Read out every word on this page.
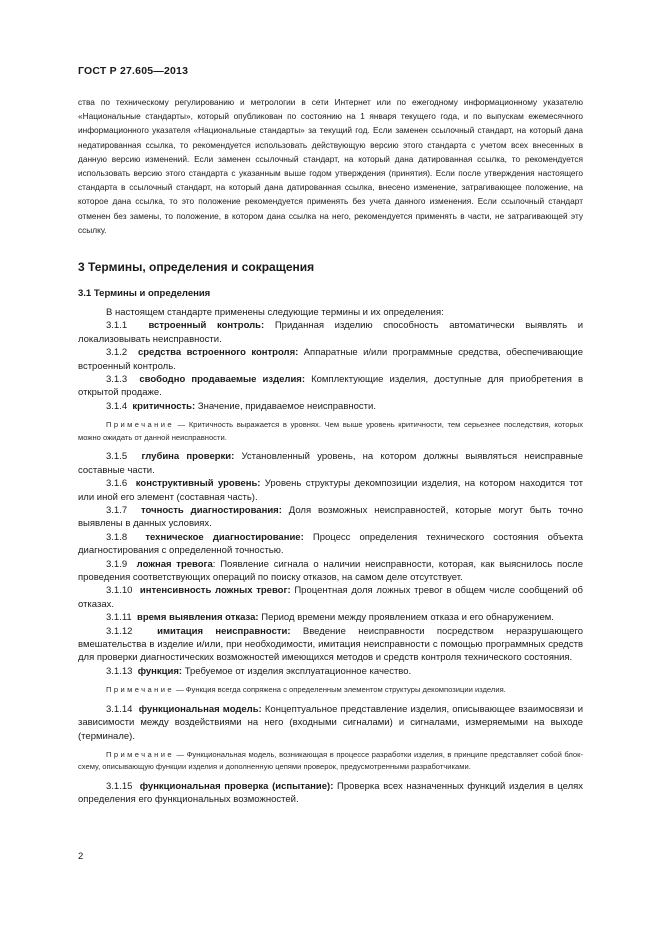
ГОСТ Р 27.605—2013

ства по техническому регулированию и метрологии в сети Интернет или по ежегодному информационному указателю «Национальные стандарты», который опубликован по состоянию на 1 января текущего года, и по выпускам ежемесячного информационного указателя «Национальные стандарты» за текущий год. Если заменен ссылочный стандарт, на который дана недатированная ссылка, то рекомендуется использовать действующую версию этого стандарта с учетом всех внесенных в данную версию изменений. Если заменен ссылочный стандарт, на который дана датированная ссылка, то рекомендуется использовать версию этого стандарта с указанным выше годом утверждения (принятия). Если после утверждения настоящего стандарта в ссылочный стандарт, на который дана датированная ссылка, внесено изменение, затрагивающее положение, на которое дана ссылка, то это положение рекомендуется применять без учета данного изменения. Если ссылочный стандарт отменен без замены, то положение, в котором дана ссылка на него, рекомендуется применять в части, не затрагивающей эту ссылку.

3 Термины, определения и сокращения
3.1 Термины и определения

В настоящем стандарте применены следующие термины и их определения:

3.1.1 встроенный контроль: Приданная изделию способность автоматически выявлять и локализовывать неисправности.

3.1.2 средства встроенного контроля: Аппаратные и/или программные средства, обеспечивающие встроенный контроль.

3.1.3 свободно продаваемые изделия: Комплектующие изделия, доступные для приобретения в открытой продаже.

3.1.4 критичность: Значение, придаваемое неисправности.

Примечание — Критичность выражается в уровнях. Чем выше уровень критичности, тем серьезнее последствия, которых можно ожидать от данной неисправности.

3.1.5 глубина проверки: Установленный уровень, на котором должны выявляться неисправные составные части.

3.1.6 конструктивный уровень: Уровень структуры декомпозиции изделия, на котором находится тот или иной его элемент (составная часть).

3.1.7 точность диагностирования: Доля возможных неисправностей, которые могут быть точно выявлены в данных условиях.

3.1.8 техническое диагностирование: Процесс определения технического состояния объекта диагностирования с определенной точностью.

3.1.9 ложная тревога: Появление сигнала о наличии неисправности, которая, как выяснилось после проведения соответствующих операций по поиску отказов, на самом деле отсутствует.

3.1.10 интенсивность ложных тревог: Процентная доля ложных тревог в общем числе сообщений об отказах.

3.1.11 время выявления отказа: Период времени между проявлением отказа и его обнаружением.

3.1.12	имитация неисправности: Введение неисправности посредством неразрушающего вмешательства в изделие и/или, при необходимости, имитация неисправности с помощью программных средств для проверки диагностических возможностей имеющихся методов и средств контроля технического состояния.

3.1.13 функция: Требуемое от изделия эксплуатационное качество.

Примечание — Функция всегда сопряжена с определенным элементом структуры декомпозиции изделия.

3.1.14 функциональная модель: Концептуальное представление изделия, описывающее взаимосвязи и зависимости между воздействиями на него (входными сигналами) и сигналами, измеряемыми на выходе (терминале).

Примечание — Функциональная модель, возникающая в процессе разработки изделия, в принципе представляет собой блок-схему, описывающую функции изделия и дополненную цепями проверок, предусмотренными разработчиками.

3.1.15 функциональная проверка (испытание): Проверка всех назначенных функций изделия в целях определения его функциональных возможностей.

2
